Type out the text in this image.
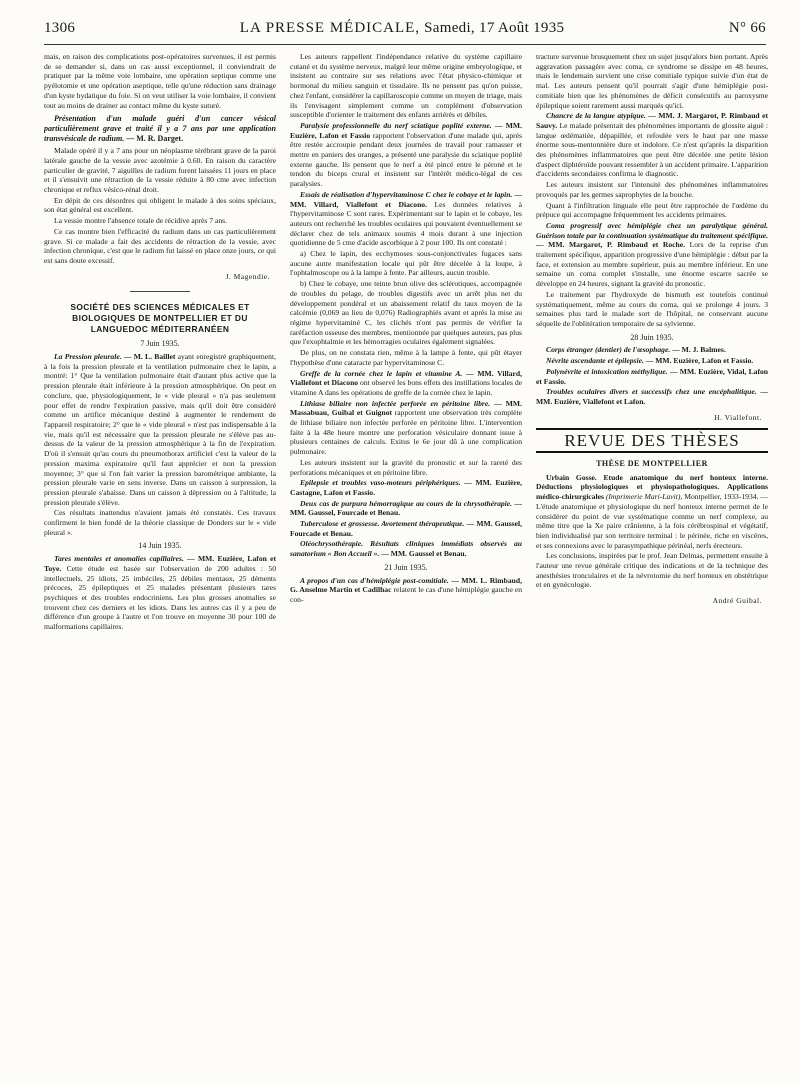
1306	LA PRESSE MÉDICALE, Samedi, 17 Août 1935	N° 66

mais, en raison des complications post-opératoires survenues, il est permis de se demander si, dans un cas aussi exceptionnel, il conviendrait de pratiquer par la même voie lombaire, une opération septique comme une pyélotomie et une opération aseptique, telle qu'une réduction sans drainage d'un kyste hydatique du foie. Si on veut utiliser la voie lombaire, il convient tout au moins de drainer au contact même du kyste suturé.

Présentation d'un malade guéri d'un cancer vésical particulièrement grave et traité il y a 7 ans par une application transvésicale de radium. — M. R. Darget.

Malade opéré il y a 7 ans pour un néoplasme térébrant grave de la paroi latérale gauche de la vessie avec azotémie à 0.60. En raison du caractère particulier de gravité, 7 aiguilles de radium furent laissées 11 jours en place et il s'ensuivit une rétraction de la vessie réduite à 80 cme avec infection chronique et reflux vésico-rénal droit.

En dépit de ces désordres qui obligent le malade à des soins spéciaux, son état général est excellent.

La vessie montre l'absence totale de récidive après 7 ans.

Ce cas montre bien l'efficacité du radium dans un cas particulièrement grave. Si ce malade a fait des accidents de rétraction de la vessie, avec infection chronique, c'est que le radium fut laissé en place onze jours, ce qui est sans doute excessif.

J. Magendie.
SOCIÉTÉ DES SCIENCES MÉDICALES ET BIOLOGIQUES DE MONTPELLIER ET DU LANGUEDOC MÉDITERRANÉEN
7 Juin 1935.

La Pression pleurale. — M. L. Baillet ayant enregistré graphiquement, à la fois la pression pleurale et la ventilation pulmonaire chez le lapin, a montré: 1° Que la ventilation pulmonaire était d'autant plus active que la pression pleurale était inférieure à la pression atmosphérique. On peut en conclure, que, physiologiquement, le « vide pleural » n'a pas seulement pour effet de rendre l'expiration passive, mais qu'il doit être considéré comme un artifice mécanique destiné à augmenter le rendement de l'appareil respiratoire; 2° que le « vide pleural » n'est pas indispensable à la vie, mais qu'il est nécessaire que la pression pleurale ne s'élève pas au-dessus de la valeur de la pression atmosphérique à la fin de l'expiration. D'où il s'ensuit qu'au cours du pneumothorax artificiel c'est la valeur de la pression maxima expiratoire qu'il faut apprécier et non la pression moyenne; 3° que si l'on fait varier la pression barométrique ambiante, la pression pleurale varie en sens inverse. Dans un caisson à surpression, la pression pleurale s'abaisse. Dans un caisson à dépression ou à l'altitude, la pression pleurale s'élève.

Ces résultats inattendus n'avaient jamais été constatés. Ces travaux confirment le bien fondé de la théorie classique de Donders sur le « vide pleural ».

14 Juin 1935.

Tares mentales et anomalies capillaires. — MM. Euzière, Lafon et Toye. Cette étude est basée sur l'observation de 200 adultes : 50 intellectuels, 25 idiots, 25 imbéciles, 25 débiles mentaux, 25 déments précoces, 25 épileptiques et 25 malades présentant plusieurs tares psychiques et des troubles endocriniens. Les plus grosses anomalies se trouvent chez ces derniers et les idiots. Dans les autres cas il y a peu de différence d'un groupe à l'autre et l'on trouve en moyenne 30 pour 100 de malformations capillaires.

Les auteurs rappellent l'indépendance relative du système capillaire cutané et du système nerveux, malgré leur même origine embryologique, et insistent au contraire sur ses relations avec l'état physico-chimique et hormonal du milieu sanguin et tissulaire. Ils ne pensent pas qu'on puisse, chez l'enfant, considérer la capillaroscopie comme un moyen de triage, mais ils l'envisagent simplement comme un complément d'observation susceptible d'orienter le traitement des enfants arriérés et débiles.

Paralysie professionnelle du nerf sciatique poplité externe. — MM. Euzière, Lafon et Fassio rapportent l'observation d'une malade qui, après être restée accroupie pendant deux journées de travail pour ramasser et mettre en paniers des oranges, a présenté une paralysie du sciatique poplité externe gauche. Ils pensent que le nerf a été pincé entre le péroné et le tendon du biceps crural et insistent sur l'intérêt médico-légal de ces paralysies.

Essais de réalisation d'hypervitaminose C chez le cobaye et le lapin. — MM. Villard, Viallefont et Diacono. Les données relatives à l'hypervitaminose C sont rares. Expérimentant sur le lapin et le cobaye, les auteurs ont recherché les troubles oculaires qui pouvaient éventuellement se déclarer chez de tels animaux soumis 4 mois durant à une injection quotidienne de 5 cme d'acide ascorbique à 2 pour 100. Ils ont constaté :

a) Chez le lapin, des ecchymoses sous-conjonctivales fugaces sans aucune autre manifestation locale qui pût être décelée à la loupe, à l'ophtalmoscope ou à la lampe à fente. Par ailleurs, aucun trouble.

b) Chez le cobaye, une teinte brun olive des sclérotiques, accompagnée de troubles du pelage, de troubles digestifs avec un arrêt plus net du développement pondéral et un abaissement relatif du taux moyen de la calcémie (0,069 au lieu de 0,076) Radiographiés avant et après la mise au régime hypervitaminé C, les clichés n'ont pas permis de vérifier la raréfaction osseuse des membres, mentionnée par quelques auteurs, pas plus que l'exophtalmie et les hémorragies oculaires également signalées.

De plus, on ne constata rien, même à la lampe à fente, qui pût étayer l'hypothèse d'une cataracte par hypervitaminose C.

Greffe de la cornée chez le lapin et vitamine A. — MM. Villard, Viallefont et Diacono ont observé les bons effets des instillations locales de vitamine A dans les opérations de greffe de la cornée chez le lapin.

Lithiase biliaire non infectée perforée en péritoine libre. — MM. Massabuau, Guibal et Guignot rapportent une observation très complète de lithiase biliaire non infectée perforée en péritoine libre. L'intervention faite à la 48e heure montre une perforation vésiculaire donnant issue à plusieurs centaines de calculs. Exitus le 6e jour dû à une complication pulmonaire.

Les auteurs insistent sur la gravité du pronostic et sur la rareté des perforations mécaniques et en péritoine libre.

Epilepsie et troubles vaso-moteurs périphériques. — MM. Euzière, Castagne, Lafon et Fassio.

Deux cas de purpura hémorragique au cours de la chrysothérapie. — MM. Gaussel, Fourcade et Benau.

Tuberculose et grossesse. Avortement thérapeutique. — MM. Gaussel, Fourcade et Benau.

Oléochrysothérapie. Résultats cliniques immédiats observés au sanatorium « Bon Accueil ». — MM. Gaussel et Benau.

21 Juin 1935.

A propos d'un cas d'hémiplégie post-comitiale. — MM. L. Rimbaud, G. Anselme Martin et Cadilhac relatent le cas d'une hémiplégie gauche en con-

tracture survenue brusquement chez un sujet jusqu'alors bien portant. Après aggravation passagère avec coma, ce syndrome se dissipe en 48 heures, mais le lendemain survient une crise comitiale typique suivie d'un état de mal. Les auteurs pensent qu'il pourrait s'agir d'une hémiplégie post-comitiale bien que les phénomènes de déficit consécutifs au paroxysme épileptique soient rarement aussi marqués qu'ici.

Chancre de la langue atypique. — MM. J. Margarot, P. Rimbaud et Sauvy. Le malade présentait des phénomènes importants de glossite aiguë : langue œdématiée, dépapillée, et refoulée vers le haut par une masse énorme sous-mentonnière dure et indolore. Ce n'est qu'après la disparition des phénomènes inflammatoires que peut être décelée une petite lésion d'aspect diphtéroïde pouvant ressembler à un accident primaire. L'apparition d'accidents secondaires confirma le diagnostic.

Les auteurs insistent sur l'intensité des phénomènes inflammatoires provoqués par les germes saprophytes de la bouche.

Quant à l'infiltration linguale elle peut être rapprochée de l'œdème du prépuce qui accompagne fréquemment les accidents primaires.

Coma progressif avec hémiplégie chez un paralytique général. Guérison totale par la continuation systématique du traitement spécifique. — MM. Margarot, P. Rimbaud et Roche. Lors de la reprise d'un traitement spécifique, apparition progressive d'une hémiplégie : début par la face, et extension au membre supérieur, puis au membre inférieur. En une semaine un coma complet s'installe, une énorme escarre sacrée se développe en 24 heures, signant la gravité du pronostic.

Le traitement par l'hydroxyde de bismuth est toutefois continué systématiquement, même au cours du coma, qui se prolonge 4 jours. 3 semaines plus tard le malade sort de l'hôpital, ne conservant aucune séquelle de l'oblitération temporaire de sa sylvienne.

28 Juin 1935.

Corps étranger (dentier) de l'œsophage. — M. J. Balmes.

Névrite ascendante et épilepsie. — MM. Euzière, Lafon et Fassio.

Polynévrite et intoxication méthylique. — MM. Euzière, Vidal, Lafon et Fassio.

Troubles oculaires divers et successifs chez une encéphalitique. — MM. Euzière, Viallefont et Lafon.

H. Viallefont.
REVUE DES THÈSES
THÈSE DE MONTPELLIER

Urbain Gosse. Etude anatomique du nerf honteux interne. Déductions physiologiques et physiopathologiques. Applications médico-chirurgicales (Imprimerie Mari-Lavit), Montpellier, 1933-1934. — L'étude anatomique et physiologique du nerf honteux interne permet de le considérer du point de vue systématique comme un nerf complexe, au même titre que la Xe paire crânienne, à la fois cérébrospinal et végétatif, bien individualisé par son territoire terminal : le périnée, riche en viscères, et ses connexions avec le parasympathique périnéal, nerfs érecteurs.

Les conclusions, inspirées par le prof. Jean Delmas, permettent ensuite à l'auteur une revue générale critique des indications et de la technique des anesthésies tronculaires et de la névrotomie du nerf honteux en obstétrique et en gynécologie.

André Guibal.
